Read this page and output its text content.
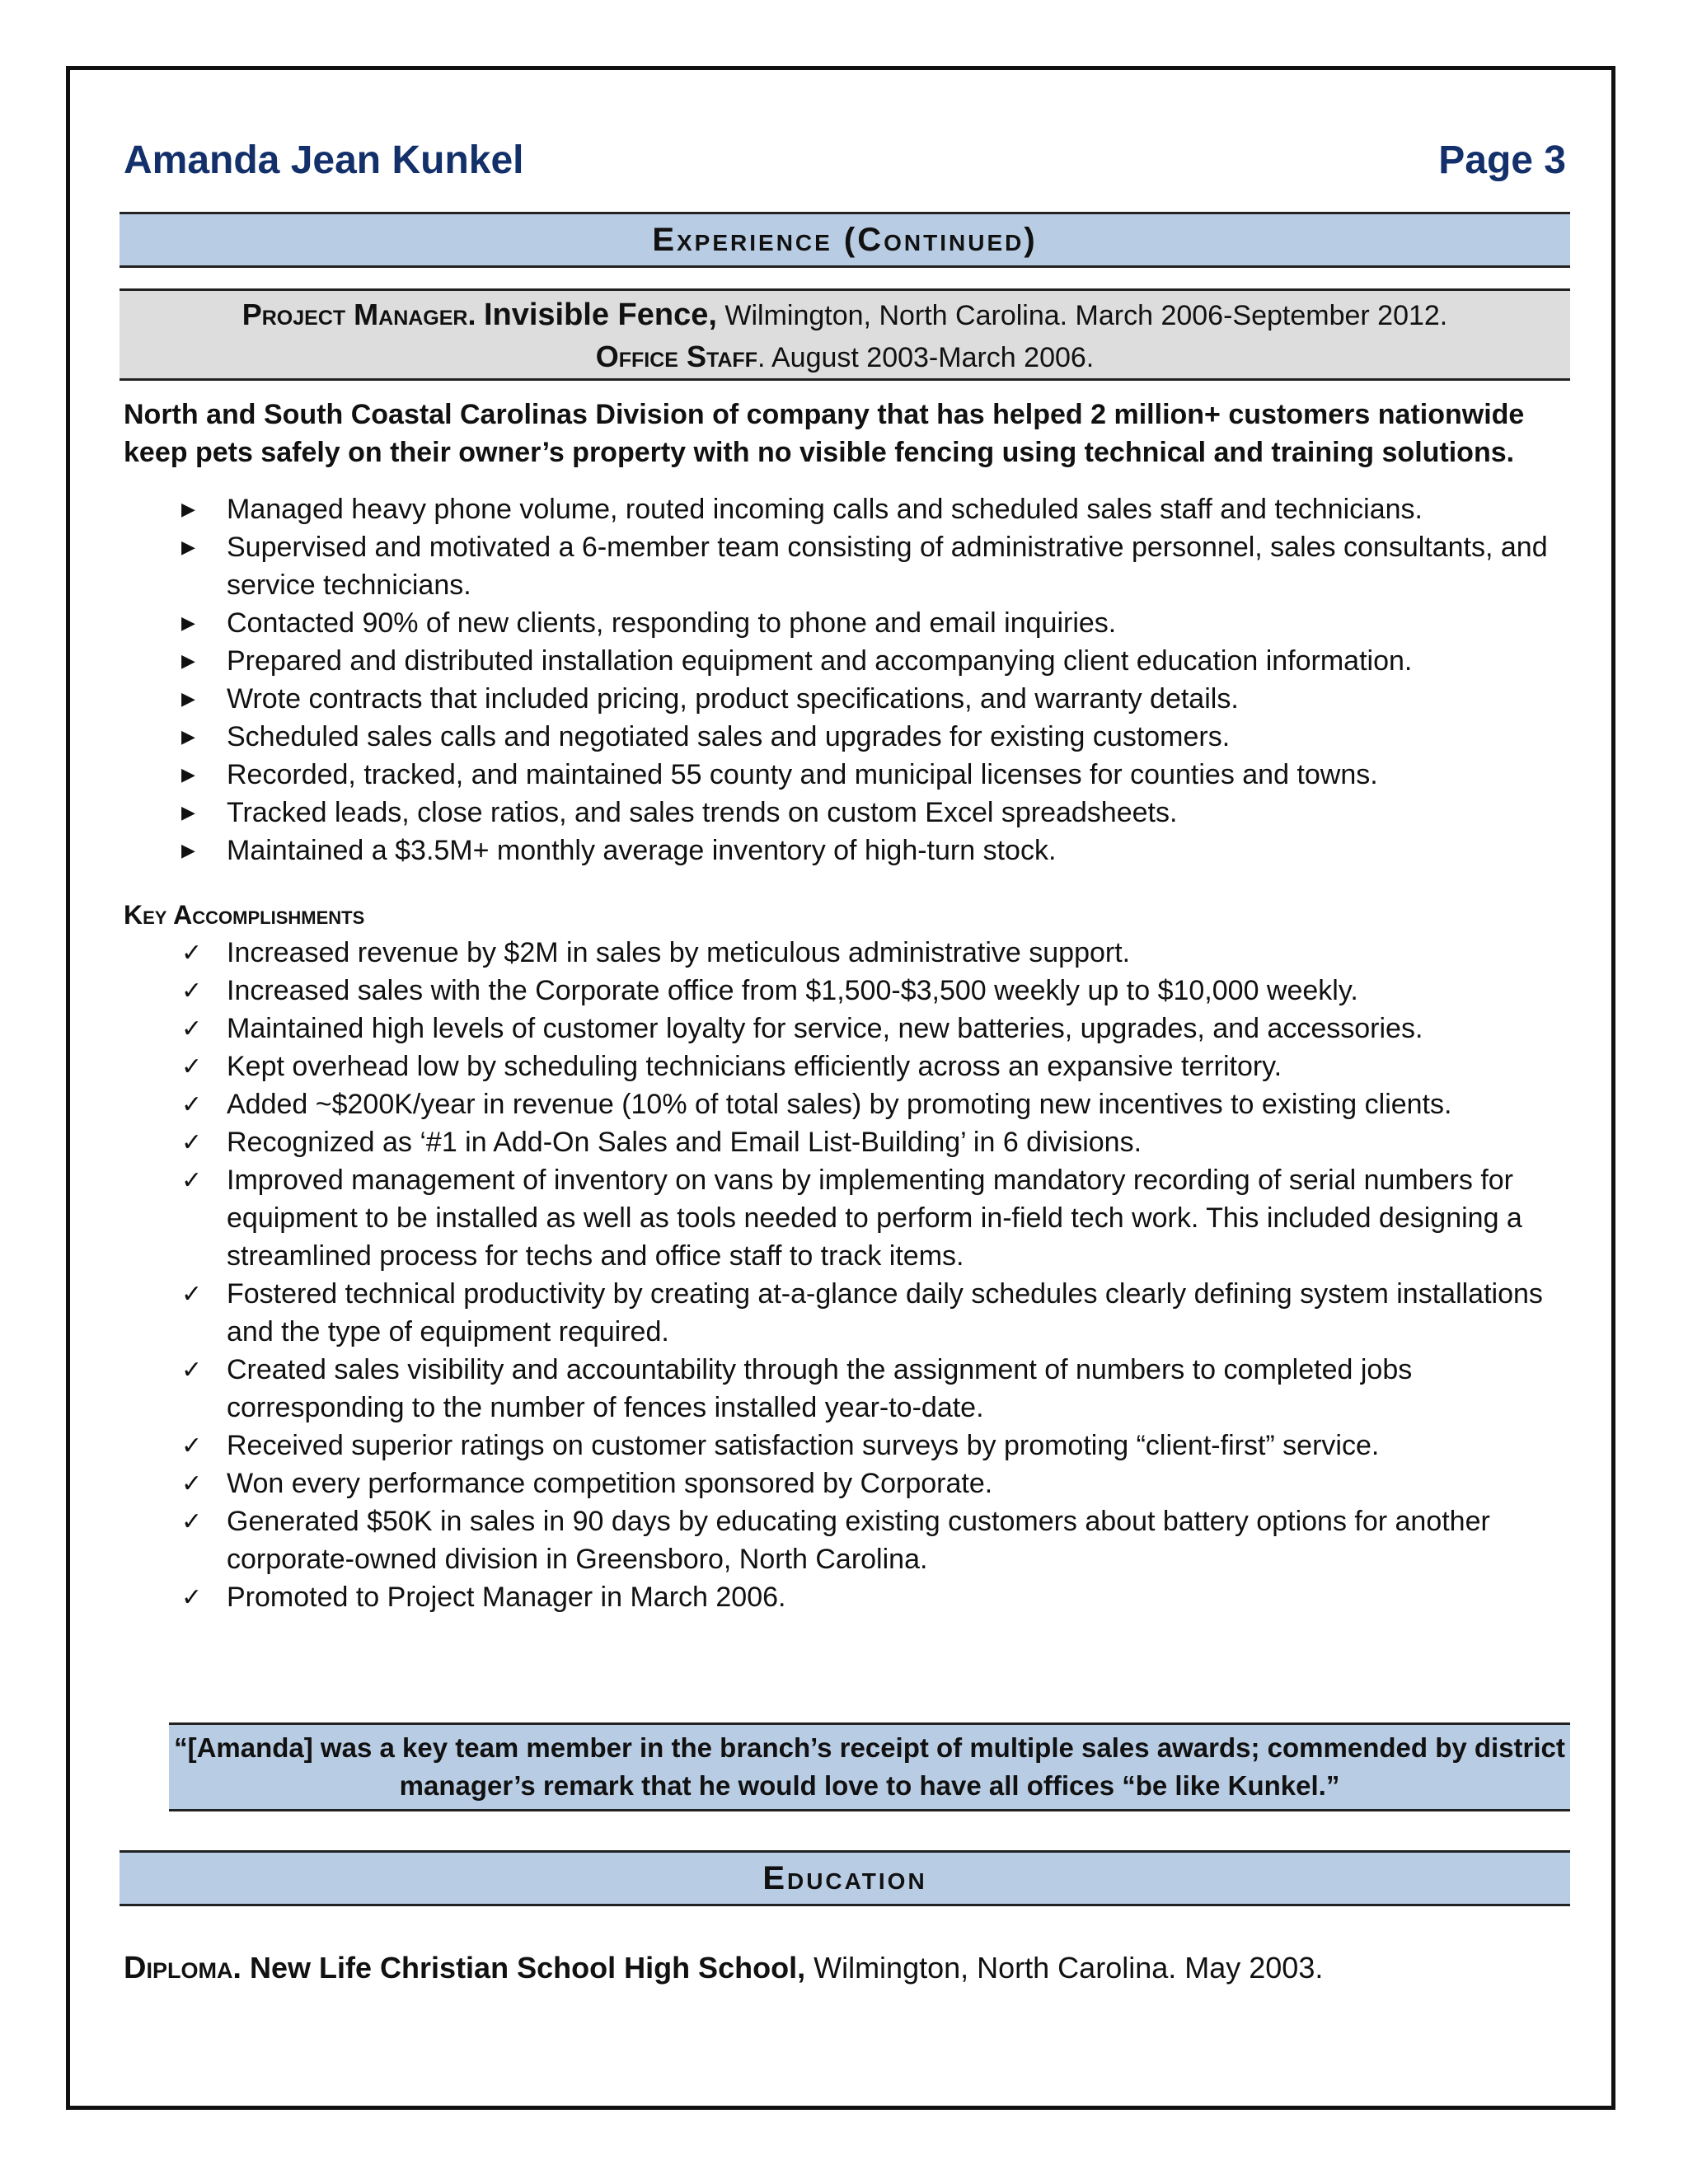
Amanda Jean Kunkel	Page 3
Experience (Continued)
Project Manager. Invisible Fence, Wilmington, North Carolina. March 2006-September 2012.
Office Staff. August 2003-March 2006.

North and South Coastal Carolinas Division of company that has helped 2 million+ customers nationwide keep pets safely on their owner’s property with no visible fencing using technical and training solutions.

▶ Managed heavy phone volume, routed incoming calls and scheduled sales staff and technicians.
▶ Supervised and motivated a 6-member team consisting of administrative personnel, sales consultants, and service technicians.
▶ Contacted 90% of new clients, responding to phone and email inquiries.
▶ Prepared and distributed installation equipment and accompanying client education information.
▶ Wrote contracts that included pricing, product specifications, and warranty details.
▶ Scheduled sales calls and negotiated sales and upgrades for existing customers.
▶ Recorded, tracked, and maintained 55 county and municipal licenses for counties and towns.
▶ Tracked leads, close ratios, and sales trends on custom Excel spreadsheets.
▶ Maintained a $3.5M+ monthly average inventory of high-turn stock.
Key Accomplishments
✓ Increased revenue by $2M in sales by meticulous administrative support.
✓ Increased sales with the Corporate office from $1,500-$3,500 weekly up to $10,000 weekly.
✓ Maintained high levels of customer loyalty for service, new batteries, upgrades, and accessories.
✓ Kept overhead low by scheduling technicians efficiently across an expansive territory.
✓ Added ~$200K/year in revenue (10% of total sales) by promoting new incentives to existing clients.
✓ Recognized as ‘#1 in Add-On Sales and Email List-Building’ in 6 divisions.
✓ Improved management of inventory on vans by implementing mandatory recording of serial numbers for equipment to be installed as well as tools needed to perform in-field tech work. This included designing a streamlined process for techs and office staff to track items.
✓ Fostered technical productivity by creating at-a-glance daily schedules clearly defining system installations and the type of equipment required.
✓ Created sales visibility and accountability through the assignment of numbers to completed jobs corresponding to the number of fences installed year-to-date.
✓ Received superior ratings on customer satisfaction surveys by promoting “client-first” service.
✓ Won every performance competition sponsored by Corporate.
✓ Generated $50K in sales in 90 days by educating existing customers about battery options for another corporate-owned division in Greensboro, North Carolina.
✓ Promoted to Project Manager in March 2006.
“[Amanda] was a key team member in the branch’s receipt of multiple sales awards; commended by district manager’s remark that he would love to have all offices “be like Kunkel.”
Education

Diploma. New Life Christian School High School, Wilmington, North Carolina. May 2003.
